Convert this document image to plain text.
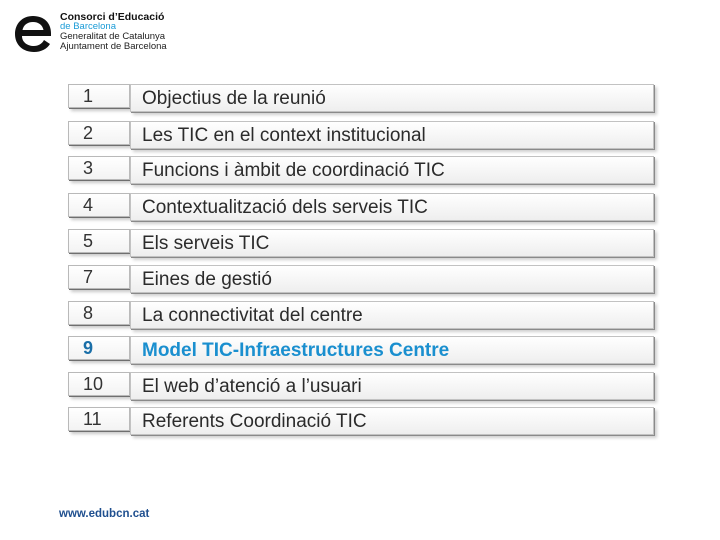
Consorci d’Educació
de Barcelona
Generalitat de Catalunya
Ajuntament de Barcelona
1	Objectius de la reunió
2	Les TIC en el context institucional
3	Funcions i àmbit de coordinació TIC
4	Contextualització dels serveis TIC
5	Els serveis TIC
7	Eines de gestió
8	La connectivitat del centre
9	Model TIC-Infraestructures Centre
10 El web d’atenció a l’usuari
11 Referents Coordinació TIC
www.edubcn.cat
